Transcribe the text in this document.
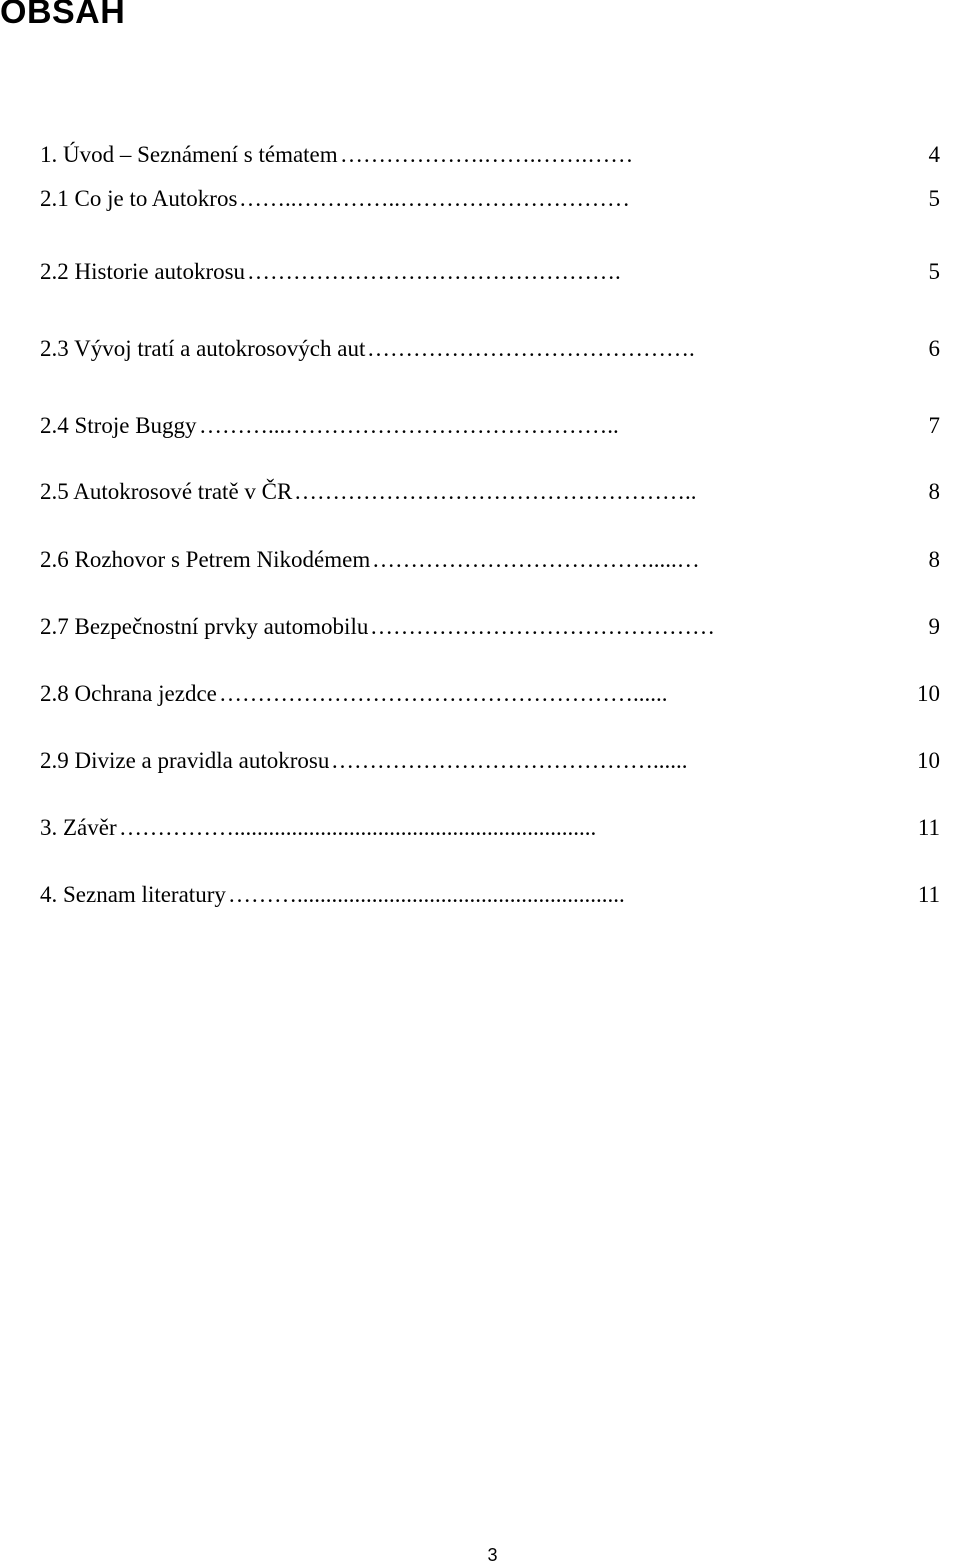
OBSAH
1. Úvod – Seznámení s tématem ……………….…….…….……	4
2.1 Co je to Autokros ……..…………..…………………………	5
2.2 Historie autokrosu ………………………………………….	5
2.3 Vývoj tratí a autokrosových aut …………………………………….	6
2.4 Stroje Buggy ………...……………………………………..	7
2.5 Autokrosové tratě v ČR ……………………………………………..	8
2.6 Rozhovor s Petrem Nikodémem ……………………………….....…	8
2.7 Bezpečnostní prvky automobilu ………………………………………	9
2.8 Ochrana jezdce ………………………………………………......	10
2.9 Divize a pravidla autokrosu ……………………………………......	10
3. Závěr ……………...............................................................	11
4. Seznam literatury ……….........................................................	11
3
